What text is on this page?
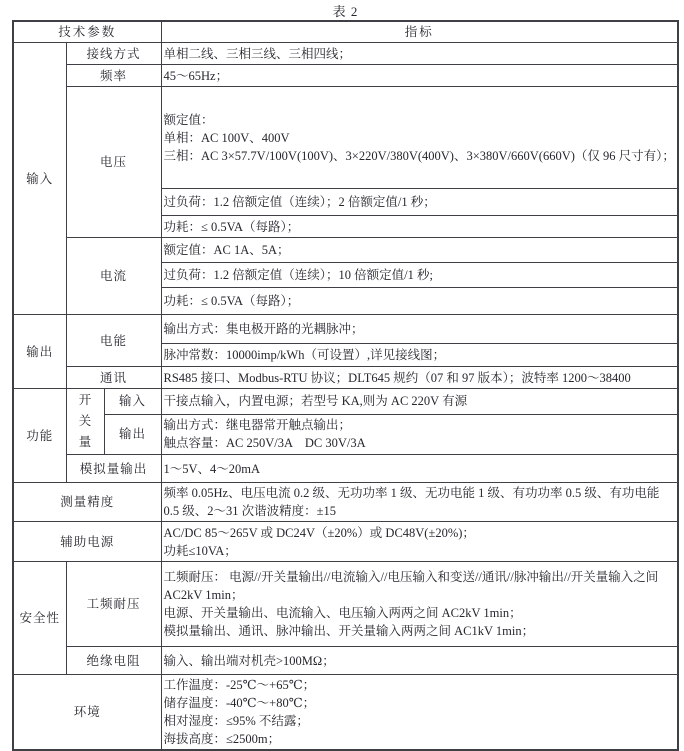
表 2
技术参数			指标
输入	接线方式		单相二线、三相三线、三相四线；
	频率		45～65Hz；
	电压		额定值：
单相：AC 100V、400V
三相：AC 3×57.7V/100V(100V)、3×220V/380V(400V)、3×380V/660V(660V)（仅 96 尺寸有）；

			过负荷：1.2 倍额定值（连续）；2 倍额定值/1 秒；
			功耗：≤ 0.5VA（每路）；
	电流		额定值：AC 1A、5A；
			过负荷：1.2 倍额定值（连续）；10 倍额定值/1 秒;
			功耗：≤ 0.5VA（每路）；
输出	电能		输出方式：集电极开路的光耦脉冲；
			脉冲常数：10000imp/kWh（可设置）,详见接线图；
	通讯		RS485 接口、Modbus-RTU 协议；DLT645 规约（07 和 97 版本）；波特率 1200～38400
功能	开关量	输入	干接点输入，内置电源；若型号 KA,则为 AC 220V 有源
		输出	输出方式：继电器常开触点输出；
触点容量：AC 250V/3A　DC 30V/3A

	模拟量输出		1～5V、4～20mA
测量精度			频率 0.05Hz、电压电流 0.2 级、无功功率 1 级、无功电能 1 级、有功功率 0.5 级、有功电能 0.5 级、2～31 次谐波精度：±15
辅助电源			AC/DC 85～265V 或 DC24V（±20%）或 DC48V(±20%)；
功耗≤10VA；

安全性	工频耐压		工频耐压： 电源//开关量输出//电流输入//电压输入和变送//通讯//脉冲输出//开关量输入之间 AC2kV 1min；
电源、开关量输出、电流输入、电压输入两两之间 AC2kV 1min；
模拟量输出、通讯、脉冲输出、开关量输入两两之间 AC1kV 1min；

	绝缘电阻		输入、输出端对机壳>100MΩ；
环境			工作温度：-25℃～+65℃；
储存温度：-40℃～+80℃；
相对湿度：≤95% 不结露；
海拔高度：≤2500m；
